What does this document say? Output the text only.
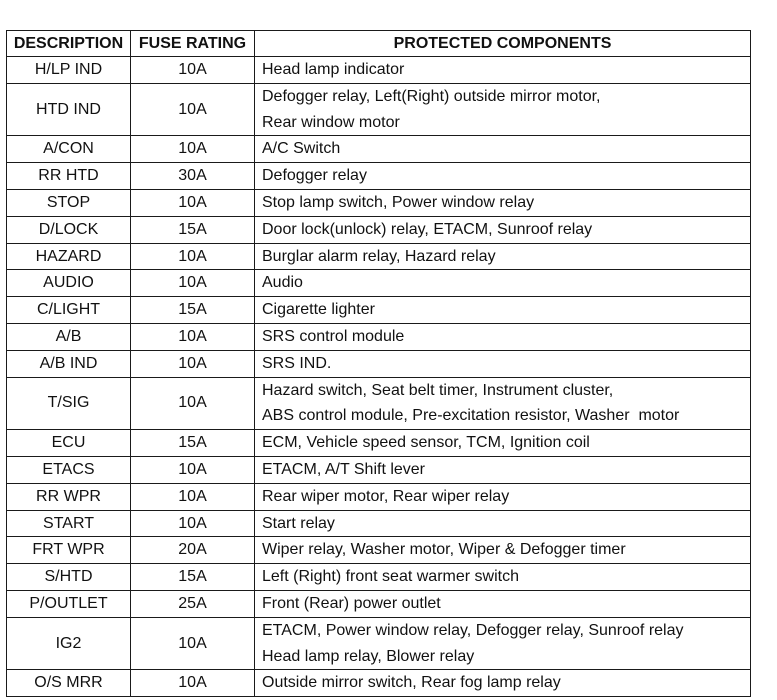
DESCRIPTION	FUSE RATING	PROTECTED COMPONENTS
H/LP IND	10A	Head lamp indicator

HTD IND	10A	Defogger relay, Left(Right) outside mirror motor,
Rear window motor

A/CON	10A	A/C Switch

RR HTD	30A	Defogger relay

STOP	10A	Stop lamp switch, Power window relay

D/LOCK	15A	Door lock(unlock) relay, ETACM, Sunroof relay

HAZARD	10A	Burglar alarm relay, Hazard relay

AUDIO	10A	Audio

C/LIGHT	15A	Cigarette lighter

A/B	10A	SRS control module

A/B IND	10A	SRS IND.

T/SIG	10A	Hazard switch, Seat belt timer, Instrument cluster,
ABS control module, Pre-excitation resistor, Washer  motor

ECU	15A	ECM, Vehicle speed sensor, TCM, Ignition coil

ETACS	10A	ETACM, A/T Shift lever

RR WPR	10A	Rear wiper motor, Rear wiper relay

START	10A	Start relay

FRT WPR	20A	Wiper relay, Washer motor, Wiper & Defogger timer

S/HTD	15A	Left (Right) front seat warmer switch

P/OUTLET	25A	Front (Rear) power outlet

IG2	10A	ETACM, Power window relay, Defogger relay, Sunroof relay
Head lamp relay, Blower relay

O/S MRR	10A	Outside mirror switch, Rear fog lamp relay
